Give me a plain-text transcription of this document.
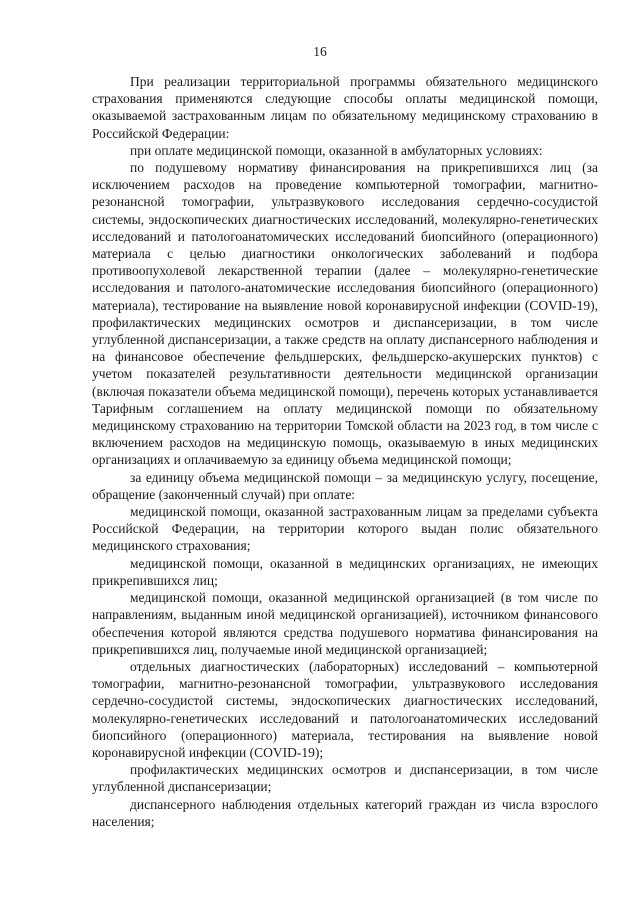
16

При реализации территориальной программы обязательного медицинского страхования применяются следующие способы оплаты медицинской помощи, оказываемой застрахованным лицам по обязательному медицинскому страхованию в Российской Федерации:

при оплате медицинской помощи, оказанной в амбулаторных условиях:

по подушевому нормативу финансирования на прикрепившихся лиц (за исключением расходов на проведение компьютерной томографии, магнитно-резонансной томографии, ультразвукового исследования сердечно-сосудистой системы, эндоскопических диагностических исследований, молекулярно-генетических исследований и патологоанатомических исследований биопсийного (операционного) материала с целью диагностики онкологических заболеваний и подбора противоопухолевой лекарственной терапии (далее – молекулярно-генетические исследования и патолого-анатомические исследования биопсийного (операционного) материала), тестирование на выявление новой коронавирусной инфекции (COVID-19), профилактических медицинских осмотров и диспансеризации, в том числе углубленной диспансеризации, а также средств на оплату диспансерного наблюдения и на финансовое обеспечение фельдшерских, фельдшерско-акушерских пунктов) с учетом показателей результативности деятельности медицинской организации (включая показатели объема медицинской помощи), перечень которых устанавливается Тарифным соглашением на оплату медицинской помощи по обязательному медицинскому страхованию на территории Томской области на 2023 год, в том числе с включением расходов на медицинскую помощь, оказываемую в иных медицинских организациях и оплачиваемую за единицу объема медицинской помощи;

за единицу объема медицинской помощи – за медицинскую услугу, посещение, обращение (законченный случай) при оплате:

медицинской помощи, оказанной застрахованным лицам за пределами субъекта Российской Федерации, на территории которого выдан полис обязательного медицинского страхования;

медицинской помощи, оказанной в медицинских организациях, не имеющих прикрепившихся лиц;

медицинской помощи, оказанной медицинской организацией (в том числе по направлениям, выданным иной медицинской организацией), источником финансового обеспечения которой являются средства подушевого норматива финансирования на прикрепившихся лиц, получаемые иной медицинской организацией;

отдельных диагностических (лабораторных) исследований – компьютерной томографии, магнитно-резонансной томографии, ультразвукового исследования сердечно-сосудистой системы, эндоскопических диагностических исследований, молекулярно-генетических исследований и патологоанатомических исследований биопсийного (операционного) материала, тестирования на выявление новой коронавирусной инфекции (COVID-19);

профилактических медицинских осмотров и диспансеризации, в том числе углубленной диспансеризации;

диспансерного наблюдения отдельных категорий граждан из числа взрослого населения;
